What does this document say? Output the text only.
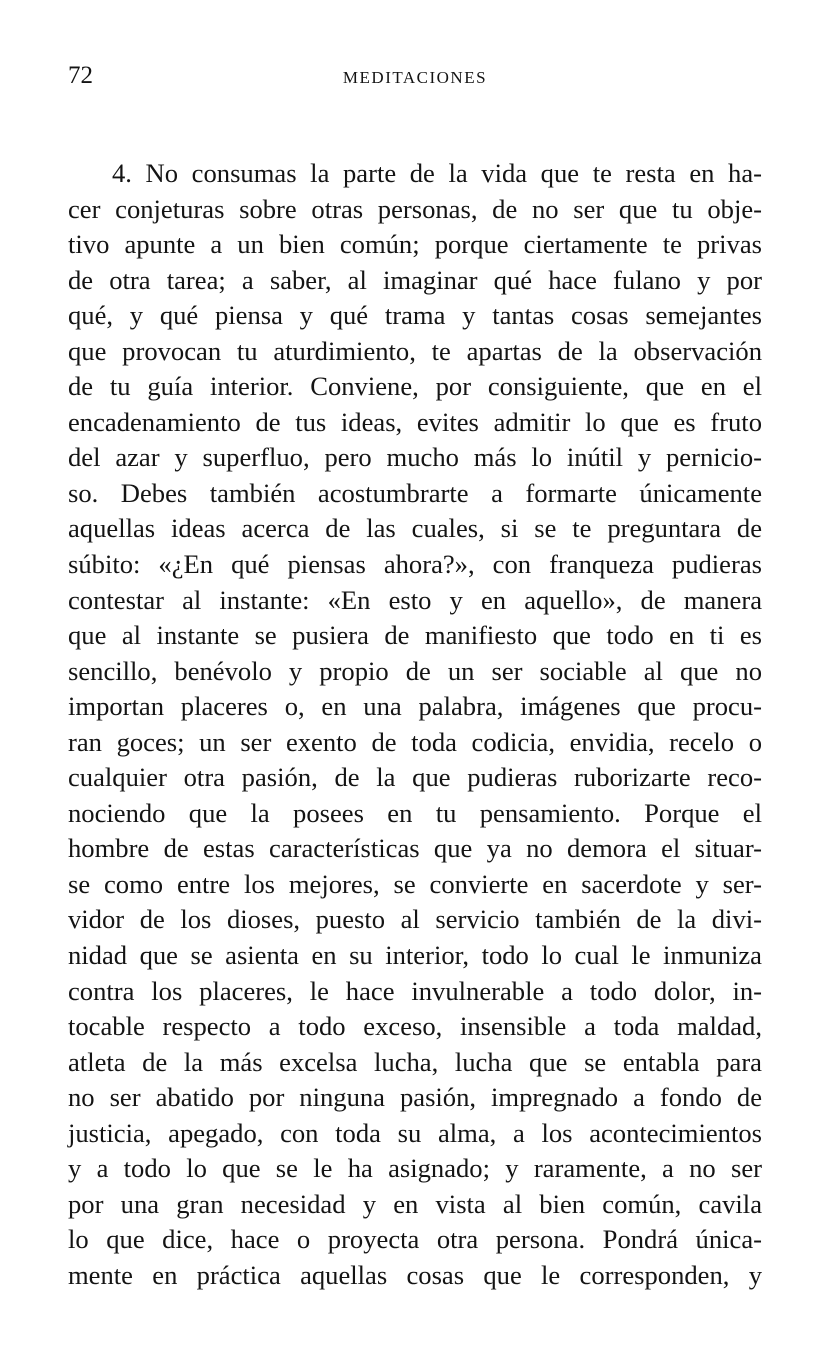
72	MEDITACIONES
4. No consumas la parte de la vida que te resta en ha-
cer conjeturas sobre otras personas, de no ser que tu obje-
tivo apunte a un bien común; porque ciertamente te privas
de otra tarea; a saber, al imaginar qué hace fulano y por
qué, y qué piensa y qué trama y tantas cosas semejantes
que provocan tu aturdimiento, te apartas de la observación
de tu guía interior. Conviene, por consiguiente, que en el
encadenamiento de tus ideas, evites admitir lo que es fruto
del azar y superfluo, pero mucho más lo inútil y pernicio-
so. Debes también acostumbrarte a formarte únicamente
aquellas ideas acerca de las cuales, si se te preguntara de
súbito: «¿En qué piensas ahora?», con franqueza pudieras
contestar al instante: «En esto y en aquello», de manera
que al instante se pusiera de manifiesto que todo en ti es
sencillo, benévolo y propio de un ser sociable al que no
importan placeres o, en una palabra, imágenes que procu-
ran goces; un ser exento de toda codicia, envidia, recelo o
cualquier otra pasión, de la que pudieras ruborizarte reco-
nociendo que la posees en tu pensamiento. Porque el
hombre de estas características que ya no demora el situar-
se como entre los mejores, se convierte en sacerdote y ser-
vidor de los dioses, puesto al servicio también de la divi-
nidad que se asienta en su interior, todo lo cual le inmuniza
contra los placeres, le hace invulnerable a todo dolor, in-
tocable respecto a todo exceso, insensible a toda maldad,
atleta de la más excelsa lucha, lucha que se entabla para
no ser abatido por ninguna pasión, impregnado a fondo de
justicia, apegado, con toda su alma, a los acontecimientos
y a todo lo que se le ha asignado; y raramente, a no ser
por una gran necesidad y en vista al bien común, cavila
lo que dice, hace o proyecta otra persona. Pondrá única-
mente en práctica aquellas cosas que le corresponden, y
